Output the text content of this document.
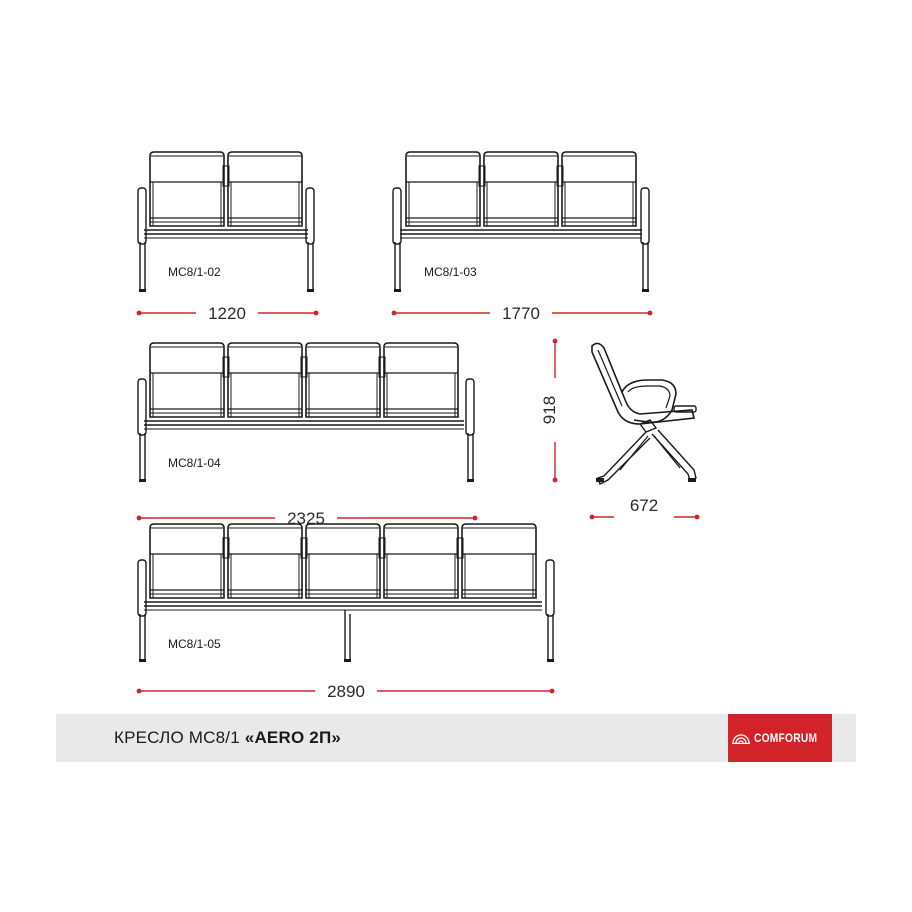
МС8/1-02	МС8/1-03
МС8/1-04
МС8/1-05
1220	1770
2325
2890
672
918
КРЕСЛО МС8/1 «AERO 2П»	COMFORUM
